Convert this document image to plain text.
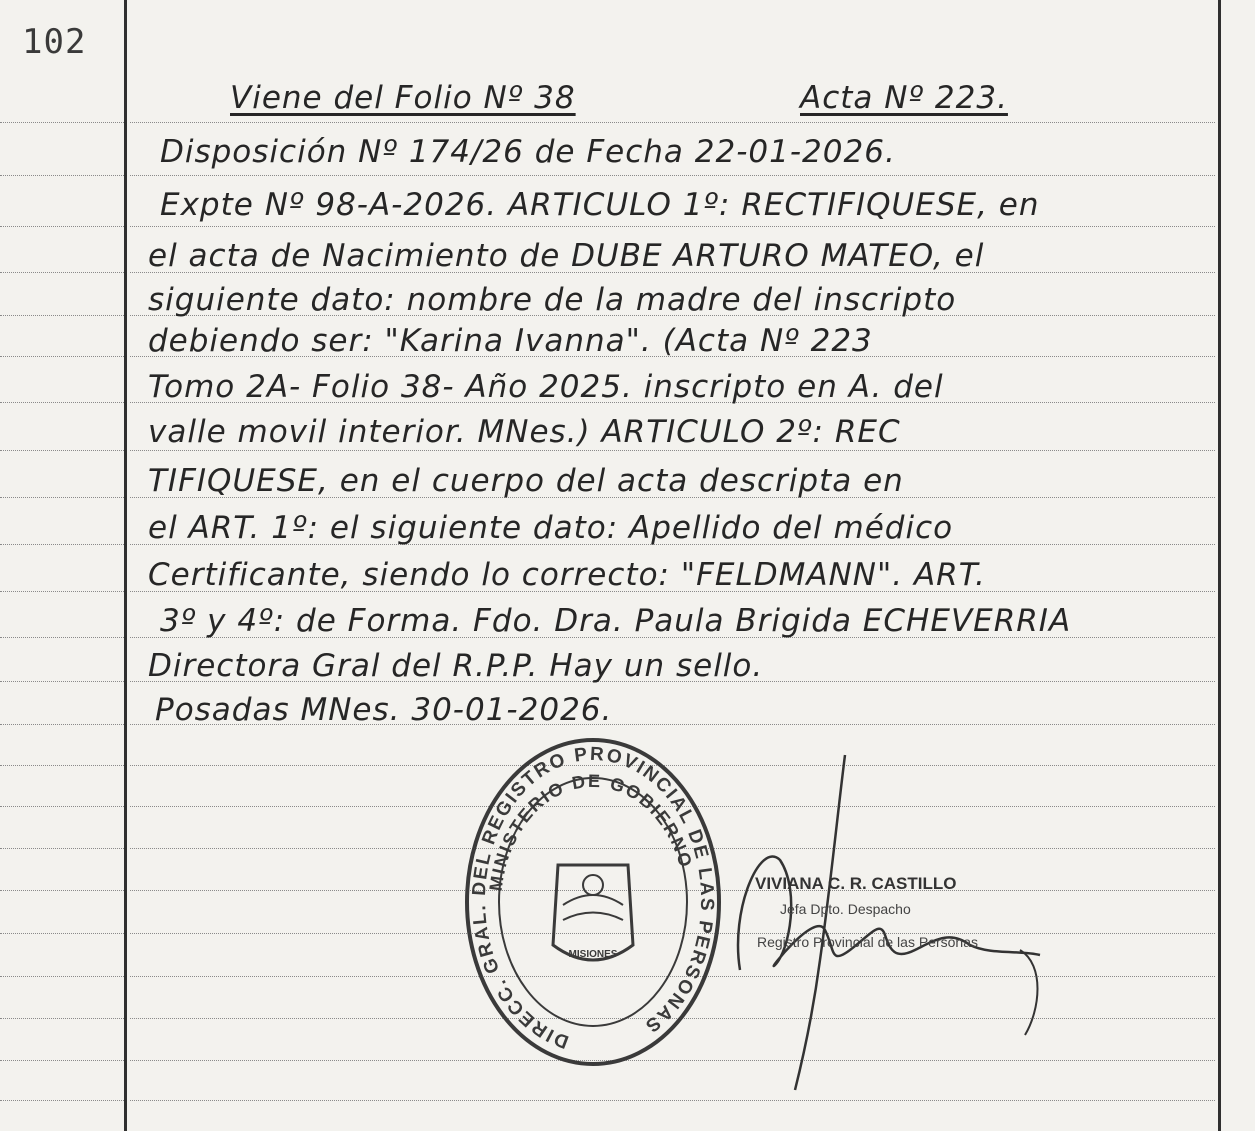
102
Viene del Folio Nº 38	Acta Nº 223.
Disposición Nº 174/26 de Fecha 22-01-2026.
Expte Nº 98-A-2026. ARTICULO 1º: RECTIFIQUESE, en
el acta de Nacimiento de DUBE ARTURO MATEO, el
siguiente dato: nombre de la madre del inscripto
debiendo ser: "Karina Ivanna". (Acta Nº 223
Tomo 2A- Folio 38- Año 2025. inscripto en A. del
valle movil interior. MNes.) ARTICULO 2º: REC
TIFIQUESE, en el cuerpo del acta descripta en
el ART. 1º: el siguiente dato: Apellido del médico
Certificante, siendo lo correcto: "FELDMANN". ART.
3º y 4º: de Forma. Fdo. Dra. Paula Brigida ECHEVERRIA
Directora Gral del R.P.P. Hay un sello.
Posadas MNes. 30-01-2026.
DIRECC. GRAL. DEL REGISTRO PROVINCIAL DE LAS PERSONAS
MINISTERIO DE GOBIERNO
MISIONES
VIVIANA C. R. CASTILLO
Jefa Dpto. Despacho
Registro Provincial de las Personas
